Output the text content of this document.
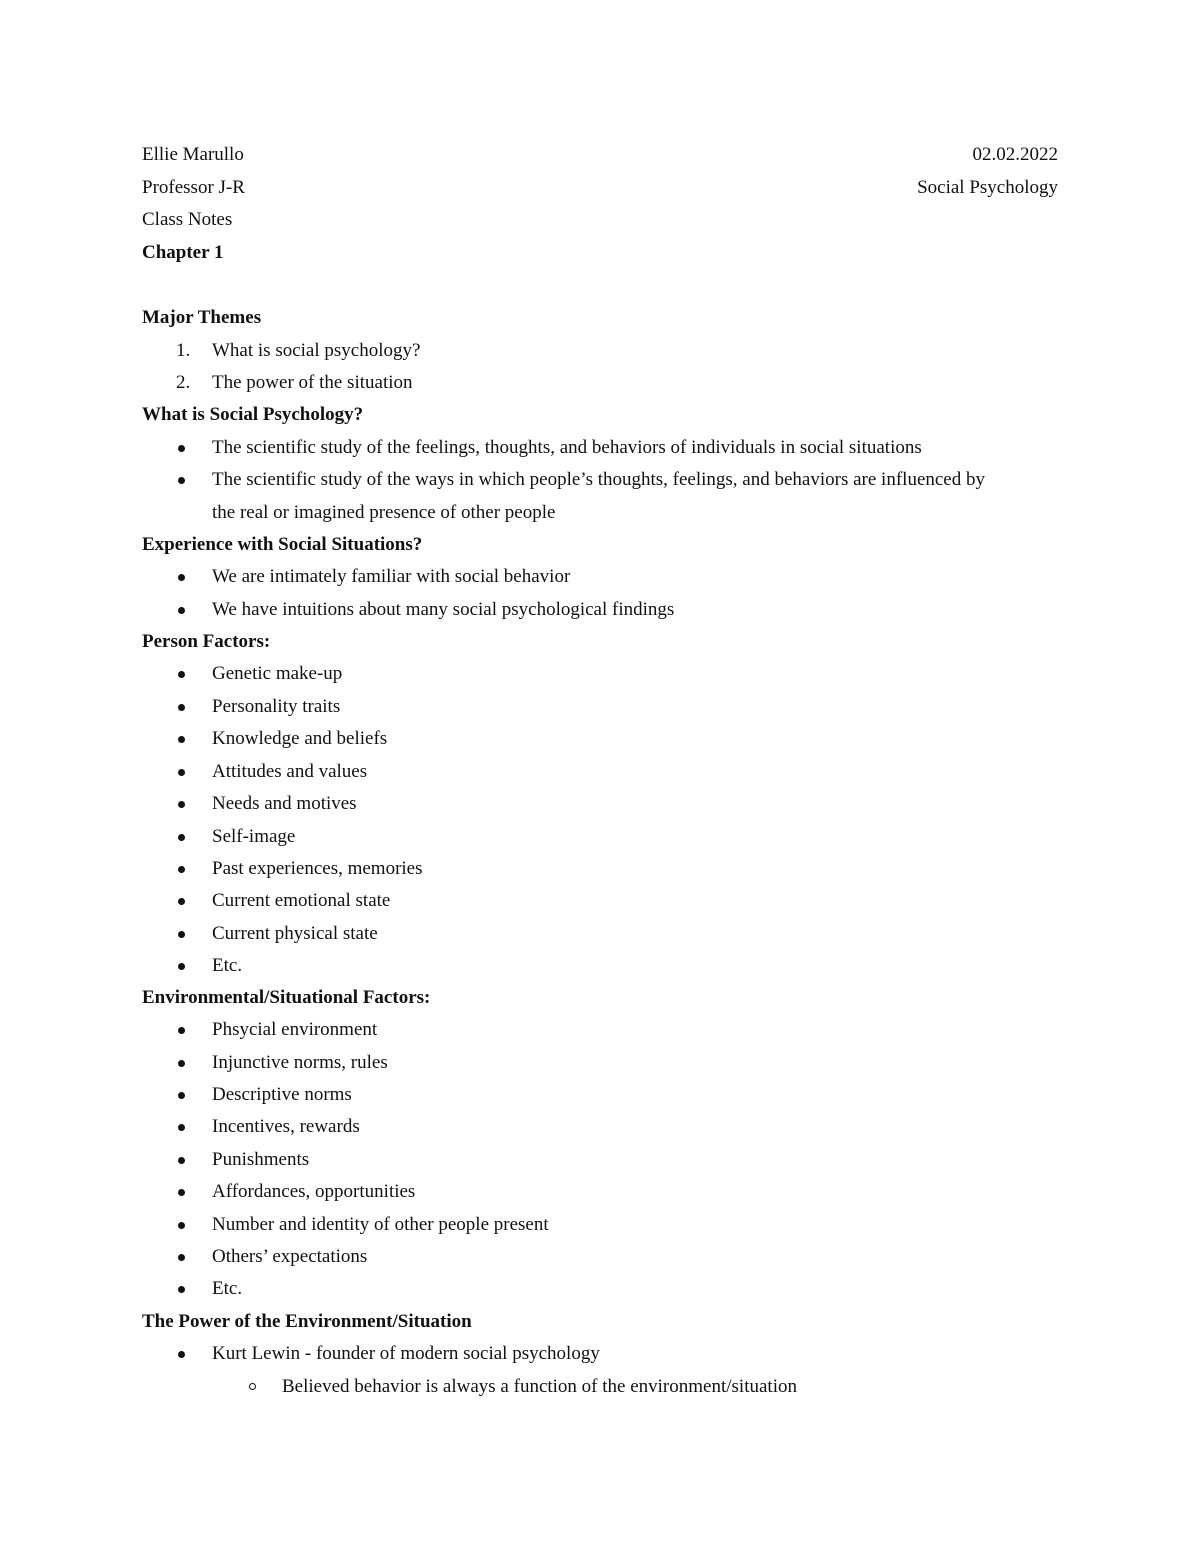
Ellie Marullo	02.02.2022
Professor J-R	Social Psychology
Class Notes
Chapter 1
Major Themes
1. What is social psychology?
2. The power of the situation
What is Social Psychology?
The scientific study of the feelings, thoughts, and behaviors of individuals in social situations
The scientific study of the ways in which people’s thoughts, feelings, and behaviors are influenced by
the real or imagined presence of other people
Experience with Social Situations?
We are intimately familiar with social behavior
We have intuitions about many social psychological findings
Person Factors:
Genetic make-up
Personality traits
Knowledge and beliefs
Attitudes and values
Needs and motives
Self-image
Past experiences, memories
Current emotional state
Current physical state
Etc.
Environmental/Situational Factors:
Phsycial environment
Injunctive norms, rules
Descriptive norms
Incentives, rewards
Punishments
Affordances, opportunities
Number and identity of other people present
Others’ expectations
Etc.
The Power of the Environment/Situation
Kurt Lewin - founder of modern social psychology
Believed behavior is always a function of the environment/situation
